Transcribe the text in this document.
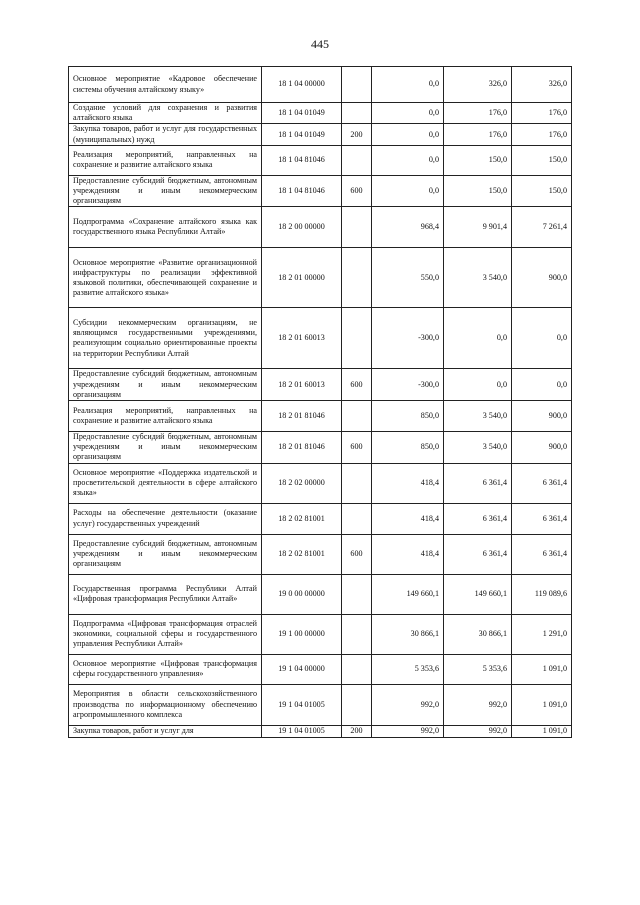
445
Основное мероприятие «Кадровое обеспечение системы обучения алтайскому языку»	18 1 04 00000		0,0	326,0	326,0
Создание условий для сохранения и развития алтайского языка	18 1 04 01049		0,0	176,0	176,0
Закупка товаров, работ и услуг для государственных (муниципальных) нужд	18 1 04 01049	200	0,0	176,0	176,0
Реализация мероприятий, направленных на сохранение и развитие алтайского языка	18 1 04 81046		0,0	150,0	150,0
Предоставление субсидий бюджетным, автономным учреждениям и иным некоммерческим организациям	18 1 04 81046	600	0,0	150,0	150,0
Подпрограмма «Сохранение алтайского языка как государственного языка Республики Алтай»	18 2 00 00000		968,4	9 901,4	7 261,4
Основное мероприятие «Развитие организационной инфраструктуры по реализации эффективной языковой политики, обеспечивающей сохранение и развитие алтайского языка»	18 2 01 00000		550,0	3 540,0	900,0
Субсидии некоммерческим организациям, не являющимся государственными учреждениями, реализующим социально ориентированные проекты на территории Республики Алтай	18 2 01 60013		-300,0	0,0	0,0
Предоставление субсидий бюджетным, автономным учреждениям и иным некоммерческим организациям	18 2 01 60013	600	-300,0	0,0	0,0
Реализация мероприятий, направленных на сохранение и развитие алтайского языка	18 2 01 81046		850,0	3 540,0	900,0
Предоставление субсидий бюджетным, автономным учреждениям и иным некоммерческим организациям	18 2 01 81046	600	850,0	3 540,0	900,0
Основное мероприятие «Поддержка издательской и просветительской деятельности в сфере алтайского языка»	18 2 02 00000		418,4	6 361,4	6 361,4
Расходы на обеспечение деятельности (оказание услуг) государственных учреждений	18 2 02 81001		418,4	6 361,4	6 361,4
Предоставление субсидий бюджетным, автономным учреждениям и иным некоммерческим организациям	18 2 02 81001	600	418,4	6 361,4	6 361,4
Государственная программа Республики Алтай «Цифровая трансформация Республики Алтай»	19 0 00 00000		149 660,1	149 660,1	119 089,6
Подпрограмма «Цифровая трансформация отраслей экономики, социальной сферы и государственного управления Республики Алтай»	19 1 00 00000		30 866,1	30 866,1	1 291,0
Основное мероприятие «Цифровая трансформация сферы государственного управления»	19 1 04 00000		5 353,6	5 353,6	1 091,0
Мероприятия в области сельскохозяйственного производства по информационному обеспечению агропромышленного комплекса	19 1 04 01005		992,0	992,0	1 091,0
Закупка товаров, работ и услуг для	19 1 04 01005	200	992,0	992,0	1 091,0
